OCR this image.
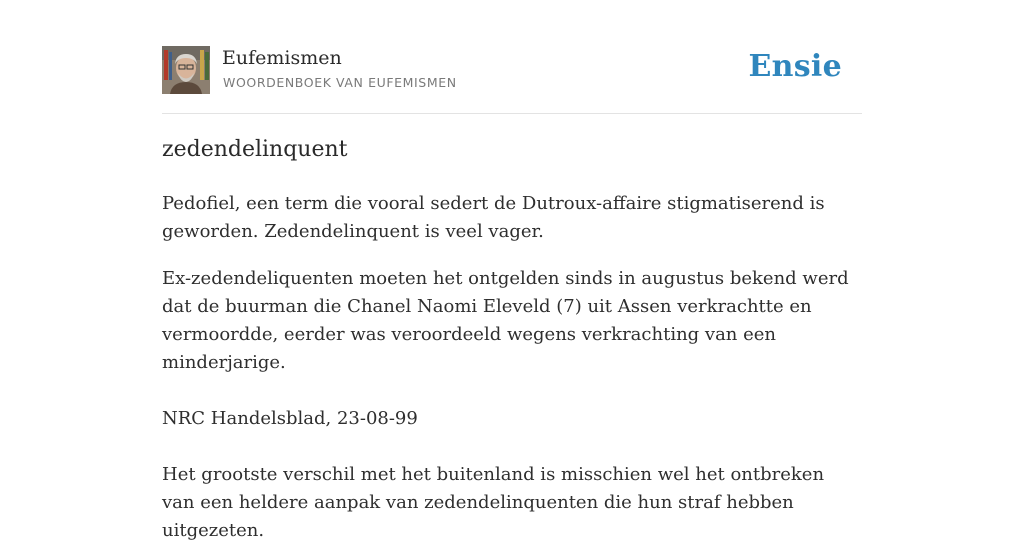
Eufemismen
WOORDENBOEK VAN EUFEMISMEN	Ensie
zedendelinquent

Pedofiel, een term die vooral sedert de Dutroux-affaire stigmatiserend is geworden. Zedendelinquent is veel vager.

Ex-zedendeliquenten moeten het ontgelden sinds in augustus bekend werd dat de buurman die Chanel Naomi Eleveld (7) uit Assen verkrachtte en vermoordde, eerder was veroordeeld wegens verkrachting van een minderjarige.

NRC Handelsblad, 23-08-99

Het grootste verschil met het buitenland is misschien wel het ontbreken van een heldere aanpak van zedendelinquenten die hun straf hebben uitgezeten.
